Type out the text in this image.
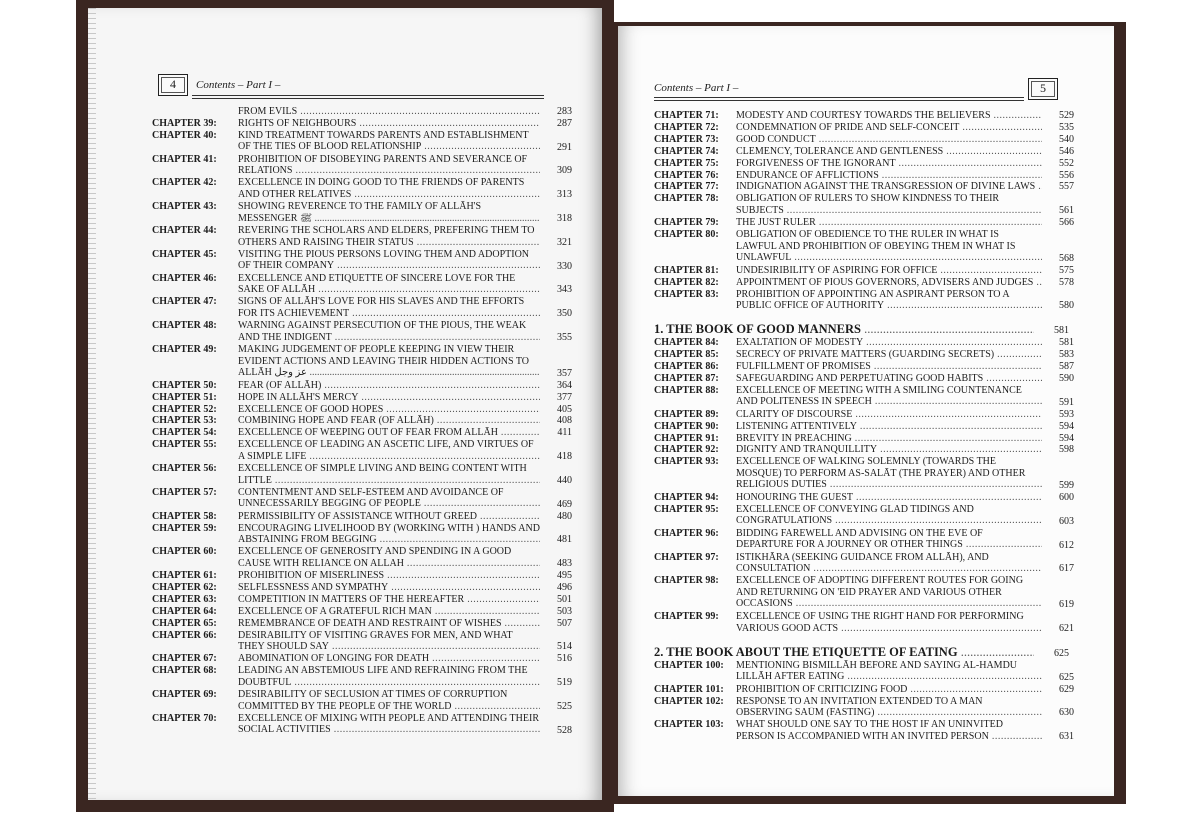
4	Contents – Part I –
FROM EVILS .....	283
CHAPTER 39: RIGHTS OF NEIGHBOURS .....	287
CHAPTER 40: KIND TREATMENT TOWARDS PARENTS AND ESTABLISHMENT
OF THE TIES OF BLOOD RELATIONSHIP .....	291
CHAPTER 41: PROHIBITION OF DISOBEYING PARENTS AND SEVERANCE OF
RELATIONS .....	309
CHAPTER 42: EXCELLENCE IN DOING GOOD TO THE FRIENDS OF PARENTS
AND OTHER RELATIVES .....	313
CHAPTER 43: SHOWING REVERENCE TO THE FAMILY OF ALLĀH'S
MESSENGER ﷺ .....	318
CHAPTER 44: REVERING THE SCHOLARS AND ELDERS, PREFERING THEM TO
OTHERS AND RAISING THEIR STATUS .....	321
CHAPTER 45: VISITING THE PIOUS PERSONS LOVING THEM AND ADOPTION
OF THEIR COMPANY .....	330
CHAPTER 46: EXCELLENCE AND ETIQUETTE OF SINCERE LOVE FOR THE
SAKE OF ALLĀH .....	343
CHAPTER 47: SIGNS OF ALLĀH'S LOVE FOR HIS SLAVES AND THE EFFORTS
FOR ITS ACHIEVEMENT .....	350
CHAPTER 48: WARNING AGAINST PERSECUTION OF THE PIOUS, THE WEAK
AND THE INDIGENT .....	355
CHAPTER 49: MAKING JUDGEMENT OF PEOPLE KEEPING IN VIEW THEIR
EVIDENT ACTIONS AND LEAVING THEIR HIDDEN ACTIONS TO
ALLĀH عز وجل .....	357
CHAPTER 50: FEAR (OF ALLĀH) .....	364
CHAPTER 51: HOPE IN ALLĀH'S MERCY .....	377
CHAPTER 52: EXCELLENCE OF GOOD HOPES .....	405
CHAPTER 53: COMBINING HOPE AND FEAR (OF ALLĀH) .....	408
CHAPTER 54: EXCELLENCE OF WEEPING OUT OF FEAR FROM ALLĀH .....	411
CHAPTER 55: EXCELLENCE OF LEADING AN ASCETIC LIFE, AND VIRTUES OF
A SIMPLE LIFE .....	418
CHAPTER 56: EXCELLENCE OF SIMPLE LIVING AND BEING CONTENT WITH
LITTLE .....	440
CHAPTER 57: CONTENTMENT AND SELF-ESTEEM AND AVOIDANCE OF
UNNECESSARILY BEGGING OF PEOPLE .....	469
CHAPTER 58: PERMISSIBILITY OF ASSISTANCE WITHOUT GREED .....	480
CHAPTER 59: ENCOURAGING LIVELIHOOD BY (WORKING WITH ) HANDS AND
ABSTAINING FROM BEGGING .....	481
CHAPTER 60: EXCELLENCE OF GENEROSITY AND SPENDING IN A GOOD
CAUSE WITH RELIANCE ON ALLAH .....	483
CHAPTER 61: PROHIBITION OF MISERLINESS .....	495
CHAPTER 62: SELFLESSNESS AND SYMPATHY .....	496
CHAPTER 63: COMPETITION IN MATTERS OF THE HEREAFTER .....	501
CHAPTER 64: EXCELLENCE OF A GRATEFUL RICH MAN .....	503
CHAPTER 65: REMEMBRANCE OF DEATH AND RESTRAINT OF WISHES .....	507
CHAPTER 66: DESIRABILITY OF VISITING GRAVES FOR MEN, AND WHAT
THEY SHOULD SAY .....	514
CHAPTER 67: ABOMINATION OF LONGING FOR DEATH .....	516
CHAPTER 68: LEADING AN ABSTEMIOUS LIFE AND REFRAINING FROM THE
DOUBTFUL .....	519
CHAPTER 69: DESIRABILITY OF SECLUSION AT TIMES OF CORRUPTION
COMMITTED BY THE PEOPLE OF THE WORLD .....	525
CHAPTER 70: EXCELLENCE OF MIXING WITH PEOPLE AND ATTENDING THEIR
SOCIAL ACTIVITIES .....	528
Contents – Part I –	5
CHAPTER 71: MODESTY AND COURTESY TOWARDS THE BELIEVERS .....	529
CHAPTER 72: CONDEMNATION OF PRIDE AND SELF-CONCEIT .....	535
CHAPTER 73: GOOD CONDUCT .....	540
CHAPTER 74: CLEMENCY, TOLERANCE AND GENTLENESS .....	546
CHAPTER 75: FORGIVENESS OF THE IGNORANT .....	552
CHAPTER 76: ENDURANCE OF AFFLICTIONS .....	556
CHAPTER 77: INDIGNATION AGAINST THE TRANSGRESSION OF DIVINE LAWS .....	557
CHAPTER 78: OBLIGATION OF RULERS TO SHOW KINDNESS TO THEIR
SUBJECTS .....	561
CHAPTER 79: THE JUST RULER .....	566
CHAPTER 80: OBLIGATION OF OBEDIENCE TO THE RULER IN WHAT IS
LAWFUL AND PROHIBITION OF OBEYING THEM IN WHAT IS
UNLAWFUL .....	568
CHAPTER 81: UNDESIRIBILITY OF ASPIRING FOR OFFICE .....	575
CHAPTER 82: APPOINTMENT OF PIOUS GOVERNORS, ADVISERS AND JUDGES .....	578
CHAPTER 83: PROHIBITION OF APPOINTING AN ASPIRANT PERSON TO A
PUBLIC OFFICE OF AUTHORITY .....	580
1. THE BOOK OF GOOD MANNERS .....	581
CHAPTER 84: EXALTATION OF MODESTY .....	581
CHAPTER 85: SECRECY OF PRIVATE MATTERS (GUARDING SECRETS) .....	583
CHAPTER 86: FULFILLMENT OF PROMISES .....	587
CHAPTER 87: SAFEGUARDING AND PERPETUATING GOOD HABITS .....	590
CHAPTER 88: EXCELLENCE OF MEETING WITH A SMILING COUNTENANCE
AND POLITENESS IN SPEECH .....	591
CHAPTER 89: CLARITY OF DISCOURSE .....	593
CHAPTER 90: LISTENING ATTENTIVELY .....	594
CHAPTER 91: BREVITY IN PREACHING .....	594
CHAPTER 92: DIGNITY AND TRANQUILLITY .....	598
CHAPTER 93: EXCELLENCE OF WALKING SOLEMNLY (TOWARDS THE
MOSQUE) TO PERFORM AS-SALĀT (THE PRAYER) AND OTHER
RELIGIOUS DUTIES .....	599
CHAPTER 94: HONOURING THE GUEST .....	600
CHAPTER 95: EXCELLENCE OF CONVEYING GLAD TIDINGS AND
CONGRATULATIONS .....	603
CHAPTER 96: BIDDING FAREWELL AND ADVISING ON THE EVE OF
DEPARTURE FOR A JOURNEY OR OTHER THINGS .....	612
CHAPTER 97: ISTIKHĀRA (SEEKING GUIDANCE FROM ALLĀH), AND
CONSULTATION .....	617
CHAPTER 98: EXCELLENCE OF ADOPTING DIFFERENT ROUTES FOR GOING
AND RETURNING ON 'EID PRAYER AND VARIOUS OTHER
OCCASIONS .....	619
CHAPTER 99: EXCELLENCE OF USING THE RIGHT HAND FOR PERFORMING
VARIOUS GOOD ACTS .....	621
2. THE BOOK ABOUT THE ETIQUETTE OF EATING .....	625
CHAPTER 100: MENTIONING BISMILLĀH BEFORE AND SAYING AL-HAMDU
LILLĀH AFTER EATING .....	625
CHAPTER 101: PROHIBITION OF CRITICIZING FOOD .....	629
CHAPTER 102: RESPONSE TO AN INVITATION EXTENDED TO A MAN
OBSERVING SAŪM (FASTING) .....	630
CHAPTER 103: WHAT SHOULD ONE SAY TO THE HOST IF AN UNINVITED
PERSON IS ACCOMPANIED WITH AN INVITED PERSON .....	631
